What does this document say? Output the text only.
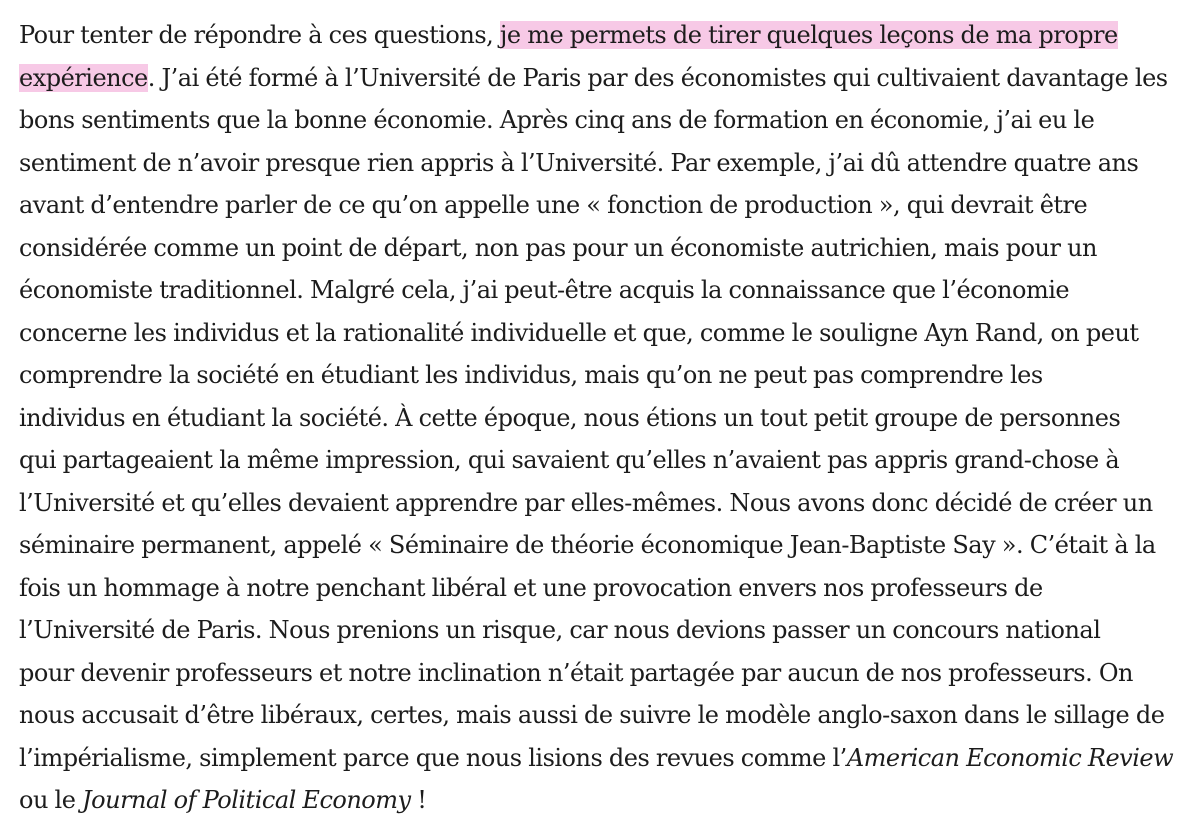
Pour tenter de répondre à ces questions, je me permets de tirer quelques leçons de ma propre
expérience. J’ai été formé à l’Université de Paris par des économistes qui cultivaient davantage les
bons sentiments que la bonne économie. Après cinq ans de formation en économie, j’ai eu le
sentiment de n’avoir presque rien appris à l’Université. Par exemple, j’ai dû attendre quatre ans
avant d’entendre parler de ce qu’on appelle une « fonction de production », qui devrait être
considérée comme un point de départ, non pas pour un économiste autrichien, mais pour un
économiste traditionnel. Malgré cela, j’ai peut-être acquis la connaissance que l’économie
concerne les individus et la rationalité individuelle et que, comme le souligne Ayn Rand, on peut
comprendre la société en étudiant les individus, mais qu’on ne peut pas comprendre les
individus en étudiant la société. À cette époque, nous étions un tout petit groupe de personnes
qui partageaient la même impression, qui savaient qu’elles n’avaient pas appris grand-chose à
l’Université et qu’elles devaient apprendre par elles-mêmes. Nous avons donc décidé de créer un
séminaire permanent, appelé « Séminaire de théorie économique Jean-Baptiste Say ». C’était à la
fois un hommage à notre penchant libéral et une provocation envers nos professeurs de
l’Université de Paris. Nous prenions un risque, car nous devions passer un concours national
pour devenir professeurs et notre inclination n’était partagée par aucun de nos professeurs. On
nous accusait d’être libéraux, certes, mais aussi de suivre le modèle anglo-saxon dans le sillage de
l’impérialisme, simplement parce que nous lisions des revues comme l’American Economic Review
ou le Journal of Political Economy !
